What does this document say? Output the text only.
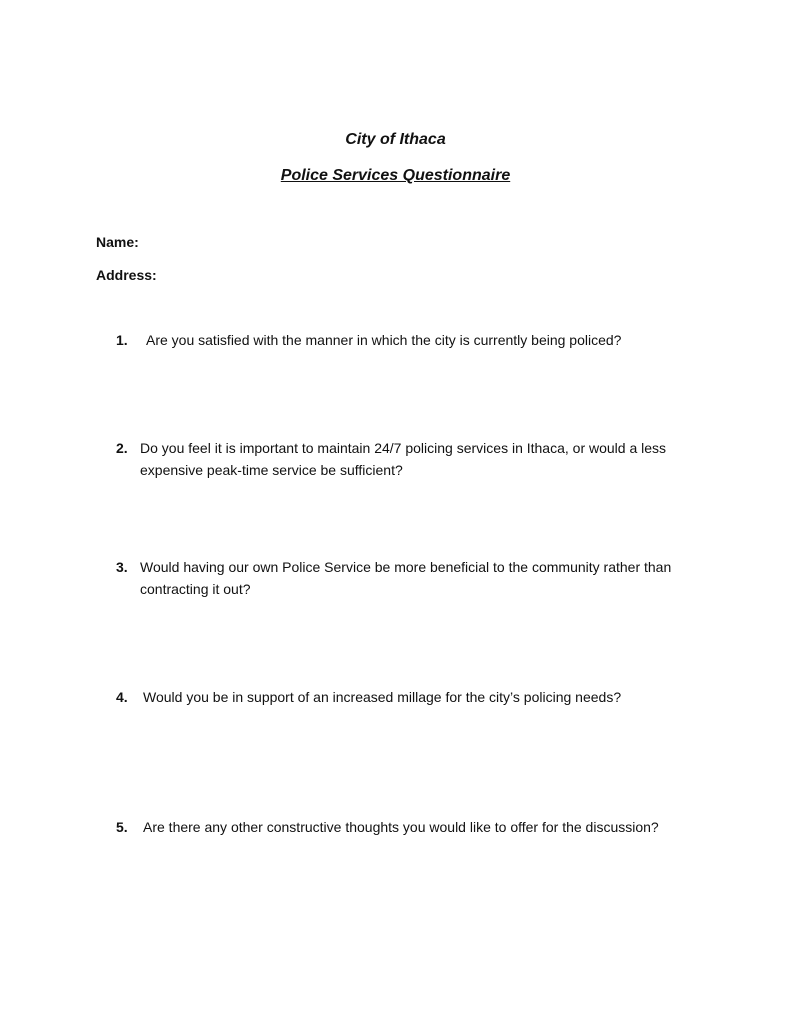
City of Ithaca
Police Services Questionnaire
Name:
Address:
1. Are you satisfied with the manner in which the city is currently being policed?
2. Do you feel it is important to maintain 24/7 policing services in Ithaca, or would a less expensive peak-time service be sufficient?
3. Would having our own Police Service be more beneficial to the community rather than contracting it out?
4. Would you be in support of an increased millage for the city’s policing needs?
5. Are there any other constructive thoughts you would like to offer for the discussion?
